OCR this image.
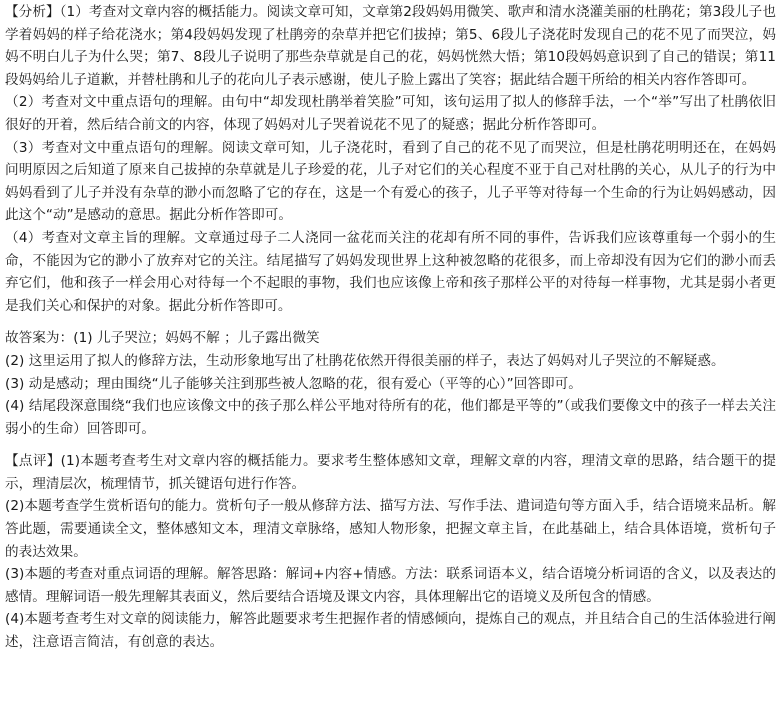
【分析】（1）考查对文章内容的概括能力。阅读文章可知，文章第2段妈妈用微笑、歌声和清水浇灌美丽的杜鹃花；第3段儿子也学着妈妈的样子给花浇水；第4段妈妈发现了杜鹃旁的杂草并把它们拔掉；第5、6段儿子浇花时发现自己的花不见了而哭泣，妈妈不明白儿子为什么哭；第7、8段儿子说明了那些杂草就是自己的花，妈妈恍然大悟；第10段妈妈意识到了自己的错误；第11段妈妈给儿子道歉，并替杜鹃和儿子的花向儿子表示感谢，使儿子脸上露出了笑容；据此结合题干所给的相关内容作答即可。

（2）考查对文中重点语句的理解。由句中“却发现杜鹃举着笑脸”可知，该句运用了拟人的修辞手法，一个“举”写出了杜鹃依旧很好的开着，然后结合前文的内容，体现了妈妈对儿子哭着说花不见了的疑惑；据此分析作答即可。

（3）考查对文中重点语句的理解。阅读文章可知，儿子浇花时，看到了自己的花不见了而哭泣，但是杜鹃花明明还在，在妈妈问明原因之后知道了原来自己拔掉的杂草就是儿子珍爱的花，儿子对它们的关心程度不亚于自己对杜鹃的关心，从儿子的行为中妈妈看到了儿子并没有杂草的渺小而忽略了它的存在，这是一个有爱心的孩子，儿子平等对待每一个生命的行为让妈妈感动，因此这个“动”是感动的意思。据此分析作答即可。

（4）考查对文章主旨的理解。文章通过母子二人浇同一盆花而关注的花却有所不同的事件，告诉我们应该尊重每一个弱小的生命，不能因为它的渺小了放弃对它的关注。结尾描写了妈妈发现世界上这种被忽略的花很多，而上帝却没有因为它们的渺小而丢弃它们，他和孩子一样会用心对待每一个不起眼的事物，我们也应该像上帝和孩子那样公平的对待每一样事物，尤其是弱小者更是我们关心和保护的对象。据此分析作答即可。

故答案为：(1) 儿子哭泣；妈妈不解 ；儿子露出微笑

(2) 这里运用了拟人的修辞方法，生动形象地写出了杜鹃花依然开得很美丽的样子，表达了妈妈对儿子哭泣的不解疑惑。

(3) 动是感动；理由围绕“儿子能够关注到那些被人忽略的花，很有爱心（平等的心）”回答即可。

(4) 结尾段深意围绕“我们也应该像文中的孩子那么样公平地对待所有的花，他们都是平等的”（或我们要像文中的孩子一样去关注弱小的生命）回答即可。

【点评】(1)本题考查考生对文章内容的概括能力。要求考生整体感知文章，理解文章的内容，理清文章的思路，结合题干的提示，理清层次，梳理情节，抓关键语句进行作答。

(2)本题考查学生赏析语句的能力。赏析句子一般从修辞方法、描写方法、写作手法、遣词造句等方面入手，结合语境来品析。解答此题，需要通读全文，整体感知文本，理清文章脉络，感知人物形象，把握文章主旨，在此基础上，结合具体语境，赏析句子的表达效果。

(3)本题的考查对重点词语的理解。解答思路：解词+内容+情感。方法：联系词语本义，结合语境分析词语的含义，以及表达的感情。理解词语一般先理解其表面义，然后要结合语境及课文内容，具体理解出它的语境义及所包含的情感。

(4)本题考查考生对文章的阅读能力，解答此题要求考生把握作者的情感倾向，提炼自己的观点，并且结合自己的生活体验进行阐述，注意语言简洁，有创意的表达。
